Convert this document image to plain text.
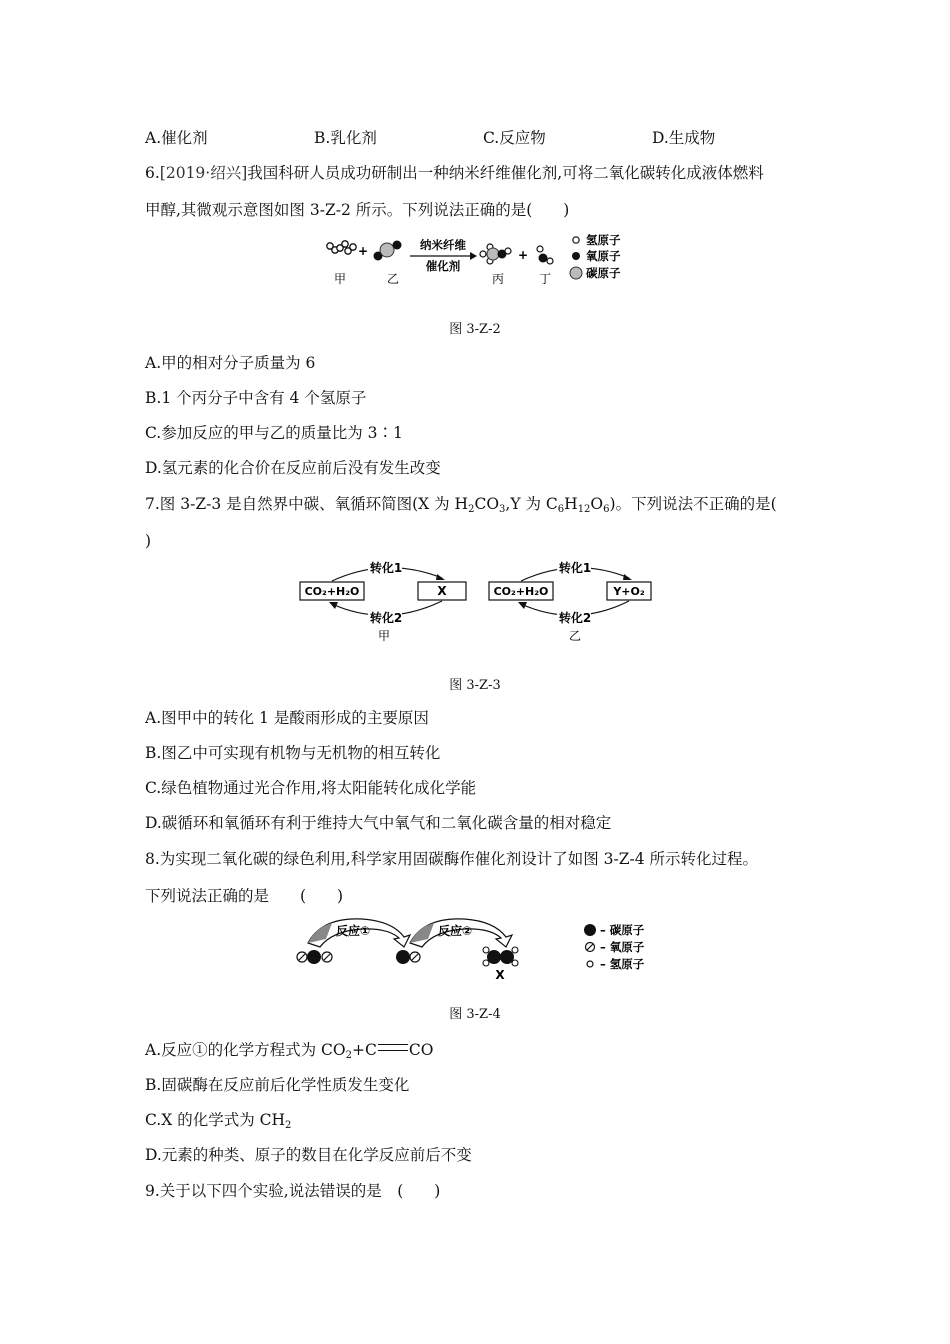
A.催化剂	B.乳化剂	C.反应物	D.生成物
6.[2019·绍兴]我国科研人员成功研制出一种纳米纤维催化剂,可将二氧化碳转化成液体燃料
甲醇,其微观示意图如图 3-Z-2 所示。下列说法正确的是(　　)
+	纳米纤维
催化剂
+
甲	乙	丙	丁
氢原子
氧原子
碳原子
图 3-Z-2
A.甲的相对分子质量为 6
B.1 个丙分子中含有 4 个氢原子
C.参加反应的甲与乙的质量比为 3∶1
D.氢元素的化合价在反应前后没有发生改变
7.图 3-Z-3 是自然界中碳、氧循环简图(X 为 $H_2CO_3,Y$ 为 $C_6H_{12}O_6$)。下列说法不正确的是(
)
CO₂+H₂O	X
转化1
转化2
甲
CO₂+H₂O	Y+O₂
转化1
转化2
乙
图 3-Z-3
A.图甲中的转化 1 是酸雨形成的主要原因
B.图乙中可实现有机物与无机物的相互转化
C.绿色植物通过光合作用,将太阳能转化成化学能
D.碳循环和氧循环有利于维持大气中氧气和二氧化碳含量的相对稳定
8.为实现二氧化碳的绿色利用,科学家用固碳酶作催化剂设计了如图 3-Z-4 所示转化过程。
下列说法正确的是　　(　　)
反应①	反应②
X
– 碳原子
– 氧原子
– 氢原子
图 3-Z-4
A.反应①的化学方程式为 $CO_2+C$ CO
B.固碳酶在反应前后化学性质发生变化
C.X 的化学式为 $CH_2$
D.元素的种类、原子的数目在化学反应前后不变
9.关于以下四个实验,说法错误的是　(　　)
